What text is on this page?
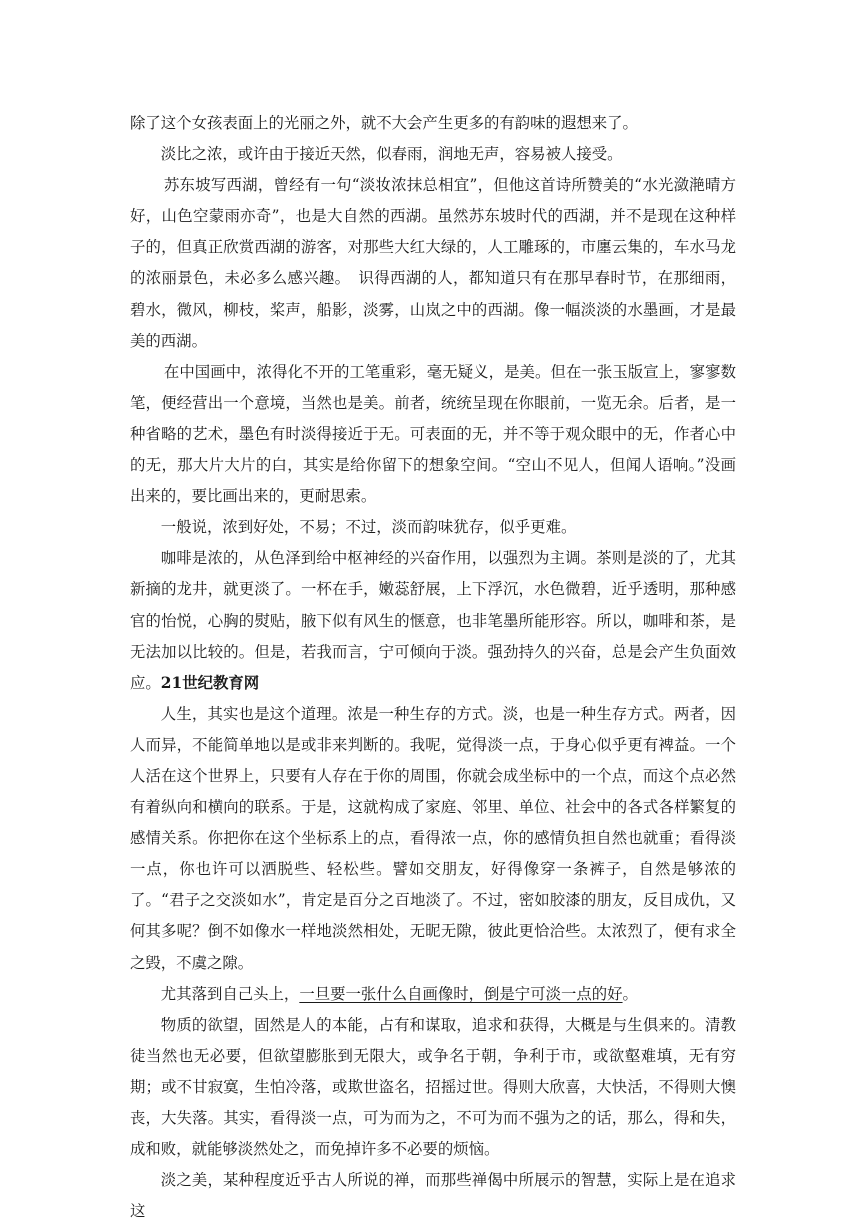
除了这个女孩表面上的光丽之外，就不大会产生更多的有韵味的遐想来了。

淡比之浓，或许由于接近天然，似春雨，润地无声，容易被人接受。

苏东坡写西湖，曾经有一句“淡妆浓抹总相宜”，但他这首诗所赞美的“水光潋滟晴方好，山色空蒙雨亦奇”，也是大自然的西湖。虽然苏东坡时代的西湖，并不是现在这种样子的，但真正欣赏西湖的游客，对那些大红大绿的，人工雕琢的，市廛云集的，车水马龙的浓丽景色，未必多么感兴趣。　识得西湖的人，都知道只有在那早春时节，在那细雨，碧水，微风，柳枝，桨声，船影，淡雾，山岚之中的西湖。像一幅淡淡的水墨画，才是最美的西湖。

在中国画中，浓得化不开的工笔重彩，毫无疑义，是美。但在一张玉版宣上，寥寥数笔，便经营出一个意境，当然也是美。前者，统统呈现在你眼前，一览无余。后者，是一种省略的艺术，墨色有时淡得接近于无。可表面的无，并不等于观众眼中的无，作者心中的无，那大片大片的白，其实是给你留下的想象空间。“空山不见人，但闻人语响。”没画出来的，要比画出来的，更耐思索。

一般说，浓到好处，不易；不过，淡而韵味犹存，似乎更难。

咖啡是浓的，从色泽到给中枢神经的兴奋作用，以强烈为主调。茶则是淡的了，尤其新摘的龙井，就更淡了。一杯在手，嫩蕊舒展，上下浮沉，水色微碧，近乎透明，那种感官的怡悦，心胸的熨贴，腋下似有风生的惬意，也非笔墨所能形容。所以，咖啡和茶，是无法加以比较的。但是，若我而言，宁可倾向于淡。强劲持久的兴奋，总是会产生负面效应。21世纪教育网

人生，其实也是这个道理。浓是一种生存的方式。淡，也是一种生存方式。两者，因人而异，不能简单地以是或非来判断的。我呢，觉得淡一点，于身心似乎更有裨益。一个人活在这个世界上，只要有人存在于你的周围，你就会成坐标中的一个点，而这个点必然有着纵向和横向的联系。于是，这就构成了家庭、邻里、单位、社会中的各式各样繁复的感情关系。你把你在这个坐标系上的点，看得浓一点，你的感情负担自然也就重；看得淡一点，你也许可以洒脱些、轻松些。譬如交朋友，好得像穿一条裤子，自然是够浓的了。“君子之交淡如水”，肯定是百分之百地淡了。不过，密如胶漆的朋友，反目成仇，又何其多呢？倒不如像水一样地淡然相处，无昵无隙，彼此更恰洽些。太浓烈了，便有求全之毁，不虞之隙。

尤其落到自己头上，一旦要一张什么自画像时，倒是宁可淡一点的好。

物质的欲望，固然是人的本能，占有和谋取，追求和获得，大概是与生俱来的。清教徒当然也无必要，但欲望膨胀到无限大，或争名于朝，争利于市，或欲壑难填，无有穷期；或不甘寂寞，生怕冷落，或欺世盗名，招摇过世。得则大欣喜，大快活，不得则大懊丧，大失落。其实，看得淡一点，可为而为之，不可为而不强为之的话，那么，得和失，成和败，就能够淡然处之，而免掉许多不必要的烦恼。

淡之美，某种程度近乎古人所说的禅，而那些禅偈中所展示的智慧，实际上是在追求这
